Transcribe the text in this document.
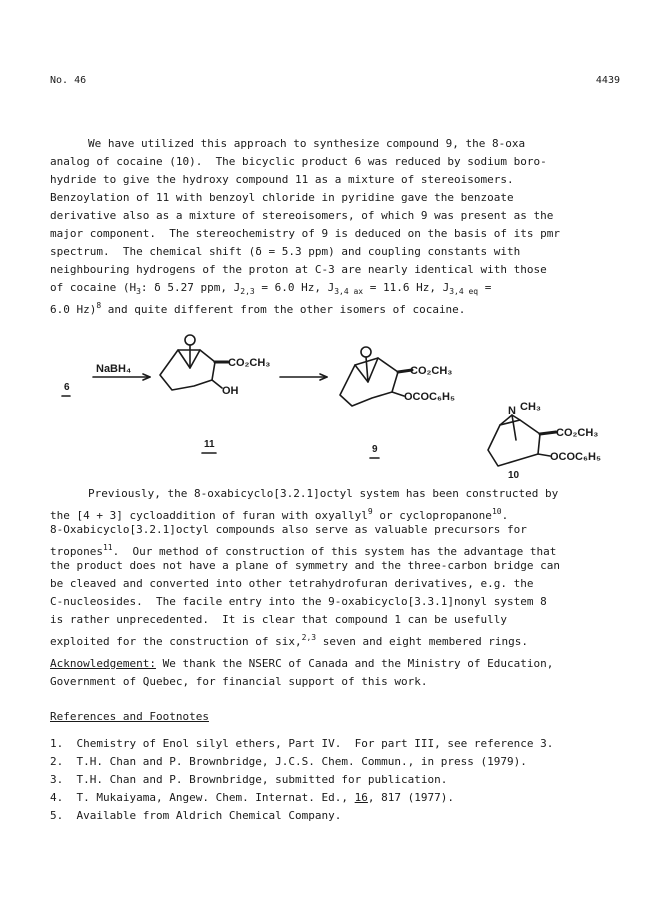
No. 46	4439
We have utilized this approach to synthesize compound 9, the 8-oxa
analog of cocaine (10).  The bicyclic product 6 was reduced by sodium boro-
hydride to give the hydroxy compound 11 as a mixture of stereoisomers.
Benzoylation of 11 with benzoyl chloride in pyridine gave the benzoate
derivative also as a mixture of stereoisomers, of which 9 was present as the
major component.  The stereochemistry of 9 is deduced on the basis of its pmr
spectrum.  The chemical shift (δ = 5.3 ppm) and coupling constants with
neighbouring hydrogens of the proton at C-3 are nearly identical with those
of cocaine ($H_3$: δ 5.27 ppm, $J_{2,3} = 6.0$ Hz, $J_{3,4 ax} = 11.6$ Hz, $J_{3,4 eq}$ =
6.0 Hz)$^8$ and quite different from the other isomers of cocaine.
6
NaBH₄	CO₂CH₃
OH
11
CO₂CH₃
OCOC₆H₅
9
N CH₃
CO₂CH₃
OCOC₆H₅
10
Previously, the 8-oxabicyclo[3.2.1]octyl system has been constructed by
the [4 + 3] cycloaddition of furan with oxyallyl$^9$ or cyclopropanone$^{10}$.
8-Oxabicyclo[3.2.1]octyl compounds also serve as valuable precursors for
tropones$^{11}$.  Our method of construction of this system has the advantage that
the product does not have a plane of symmetry and the three-carbon bridge can
be cleaved and converted into other tetrahydrofuran derivatives, e.g. the
C-nucleosides.  The facile entry into the 9-oxabicyclo[3.3.1]nonyl system 8
is rather unprecedented.  It is clear that compound 1 can be usefully
exploited for the construction of six,$^{2,3}$ seven and eight membered rings.
Acknowledgement: We thank the NSERC of Canada and the Ministry of Education,
Government of Quebec, for financial support of this work.
References and Footnotes
1. Chemistry of Enol silyl ethers, Part IV.  For part III, see reference 3.
2. T.H. Chan and P. Brownbridge, J.C.S. Chem. Commun., in press (1979).
3. T.H. Chan and P. Brownbridge, submitted for publication.
4. T. Mukaiyama, Angew. Chem. Internat. Ed., 16, 817 (1977).
5. Available from Aldrich Chemical Company.
